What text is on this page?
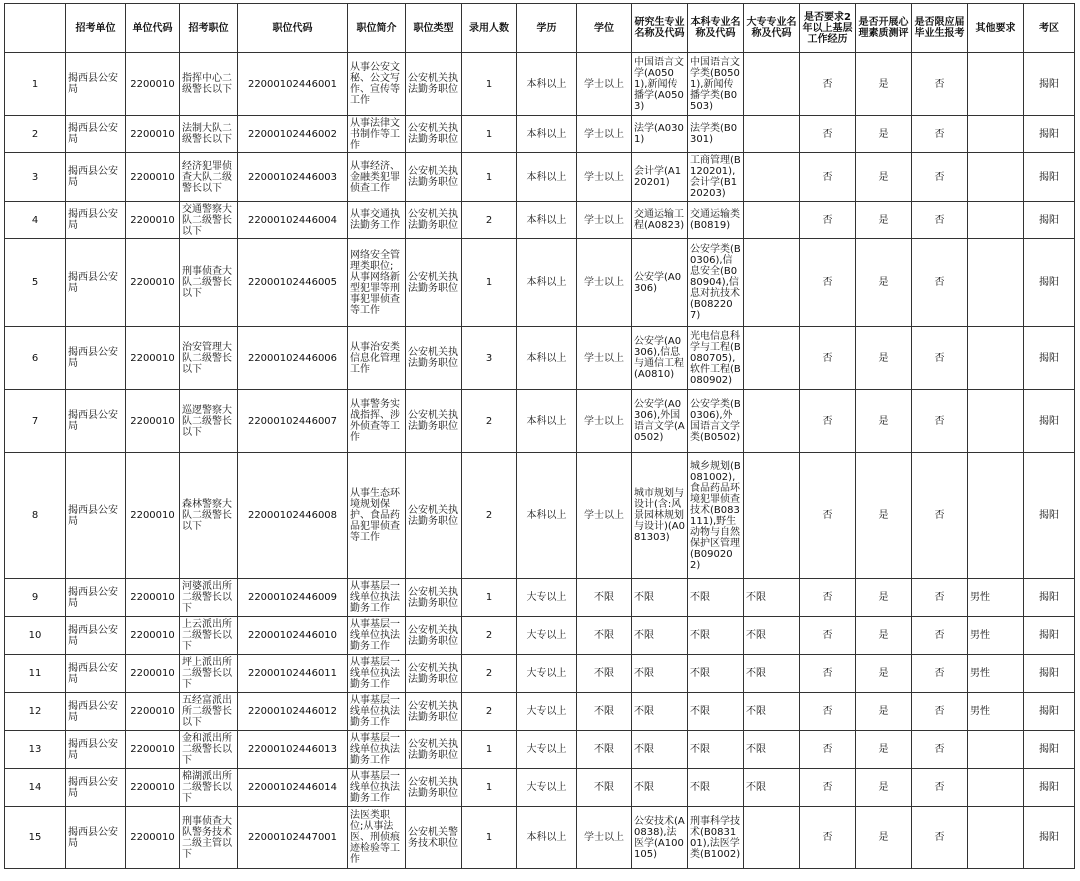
	招考单位	单位代码	招考职位	职位代码	职位简介	职位类型	录用人数	学历	学位	研究生专业名称及代码	本科专业名称及代码	大专专业名称及代码	是否要求2年以上基层工作经历	是否开展心理素质测评	是否限应届毕业生报考	其他要求	考区
1	揭西县公安局	2200010	指挥中心二级警长以下	22000102446001	从事公安文秘、公文写作、宣传等工作	公安机关执法勤务职位	1	本科以上	学士以上	中国语言文学(A0501),新闻传播学(A0503)	中国语言文学类(B0501),新闻传播学类(B0503)		否	是	否		揭阳
2	揭西县公安局	2200010	法制大队二级警长以下	22000102446002	从事法律文书制作等工作	公安机关执法勤务职位	1	本科以上	学士以上	法学(A0301)	法学类(B0301)		否	是	否		揭阳
3	揭西县公安局	2200010	经济犯罪侦查大队二级警长以下	22000102446003	从事经济、金融类犯罪侦查工作	公安机关执法勤务职位	1	本科以上	学士以上	会计学(A120201)	工商管理(B120201),会计学(B120203)		否	是	否		揭阳
4	揭西县公安局	2200010	交通警察大队二级警长以下	22000102446004	从事交通执法勤务工作	公安机关执法勤务职位	2	本科以上	学士以上	交通运输工程(A0823)	交通运输类(B0819)		否	是	否		揭阳
5	揭西县公安局	2200010	刑事侦查大队二级警长以下	22000102446005	网络安全管理类职位;从事网络新型犯罪等刑事犯罪侦查等工作	公安机关执法勤务职位	1	本科以上	学士以上	公安学(A0306)	公安学类(B0306),信息安全(B080904),信息对抗技术(B082207)		否	是	否		揭阳
6	揭西县公安局	2200010	治安管理大队二级警长以下	22000102446006	从事治安类信息化管理工作	公安机关执法勤务职位	3	本科以上	学士以上	公安学(A0306),信息与通信工程(A0810)	光电信息科学与工程(B080705),软件工程(B080902)		否	是	否		揭阳
7	揭西县公安局	2200010	巡逻警察大队二级警长以下	22000102446007	从事警务实战指挥、涉外侦查等工作	公安机关执法勤务职位	2	本科以上	学士以上	公安学(A0306),外国语言文学(A0502)	公安学类(B0306),外国语言文学类(B0502)		否	是	否		揭阳
8	揭西县公安局	2200010	森林警察大队二级警长以下	22000102446008	从事生态环境规划保护、食品药品犯罪侦查等工作	公安机关执法勤务职位	2	本科以上	学士以上	城市规划与设计(含:风景园林规划与设计)(A081303)	城乡规划(B081002),食品药品环境犯罪侦查技术(B083111),野生动物与自然保护区管理(B090202)		否	是	否		揭阳
9	揭西县公安局	2200010	河婆派出所二级警长以下	22000102446009	从事基层一线单位执法勤务工作	公安机关执法勤务职位	1	大专以上	不限	不限	不限	不限	否	是	否	男性	揭阳
10	揭西县公安局	2200010	上云派出所二级警长以下	22000102446010	从事基层一线单位执法勤务工作	公安机关执法勤务职位	2	大专以上	不限	不限	不限	不限	否	是	否	男性	揭阳
11	揭西县公安局	2200010	坪上派出所二级警长以下	22000102446011	从事基层一线单位执法勤务工作	公安机关执法勤务职位	2	大专以上	不限	不限	不限	不限	否	是	否	男性	揭阳
12	揭西县公安局	2200010	五经富派出所二级警长以下	22000102446012	从事基层一线单位执法勤务工作	公安机关执法勤务职位	2	大专以上	不限	不限	不限	不限	否	是	否	男性	揭阳
13	揭西县公安局	2200010	金和派出所二级警长以下	22000102446013	从事基层一线单位执法勤务工作	公安机关执法勤务职位	1	大专以上	不限	不限	不限	不限	否	是	否		揭阳
14	揭西县公安局	2200010	棉湖派出所二级警长以下	22000102446014	从事基层一线单位执法勤务工作	公安机关执法勤务职位	1	大专以上	不限	不限	不限	不限	否	是	否		揭阳
15	揭西县公安局	2200010	刑事侦查大队警务技术二级主管以下	22000102447001	法医类职位;从事法医、刑侦痕迹检验等工作	公安机关警务技术职位	1	本科以上	学士以上	公安技术(A0838),法医学(A100105)	刑事科学技术(B083101),法医学类(B1002)		否	是	否		揭阳
